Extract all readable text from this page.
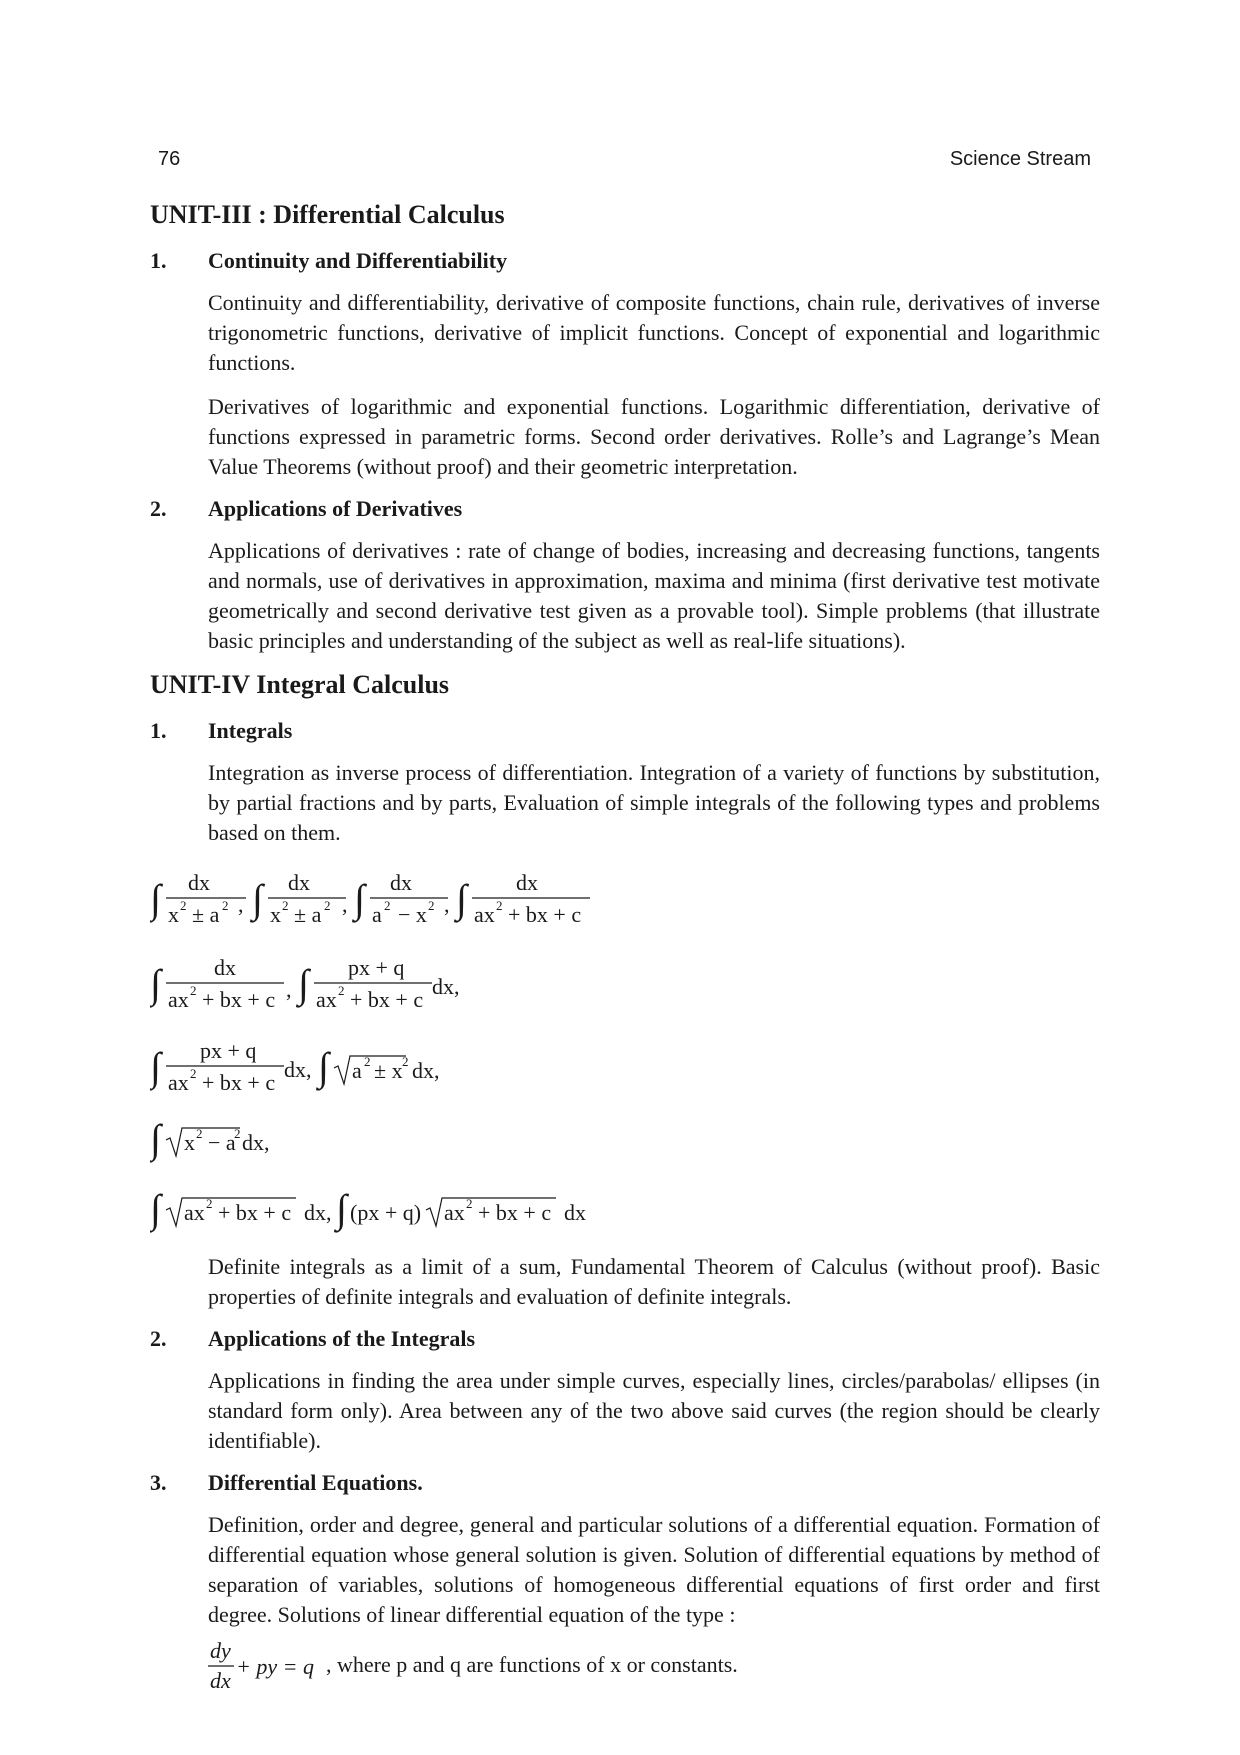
76	Science Stream
UNIT-III : Differential Calculus
1.	Continuity and Differentiability

Continuity and differentiability, derivative of composite functions, chain rule, derivatives of inverse trigonometric functions, derivative of implicit functions. Concept of exponential and logarithmic functions.

Derivatives of logarithmic and exponential functions. Logarithmic differentiation, derivative of functions expressed in parametric forms. Second order derivatives. Rolle’s and Lagrange’s Mean Value Theorems (without proof) and their geometric interpretation.

2.	Applications of Derivatives

Applications of derivatives : rate of change of bodies, increasing and decreasing functions, tangents and normals, use of derivatives in approximation, maxima and minima (first derivative test motivate geometrically and second derivative test given as a provable tool). Simple problems (that illustrate basic principles and understanding of the subject as well as real-life situations).

UNIT-IV Integral Calculus
1.	Integrals

Integration as inverse process of differentiation. Integration of a variety of functions by substitution, by partial fractions and by parts, Evaluation of simple integrals of the following types and problems based on them.

∫ dx
x 2 ± a 2 , ∫ dx
x 2 ± a 2 , ∫ dx
a 2 − x 2 , ∫ dx
ax 2 + bx + c
∫ dx
ax 2 + bx + c , ∫ px + q
ax 2 + bx + c
dx,
∫ px + q
ax 2 + bx + c
dx, ∫ a 2 ± x 2 dx,
∫ x 2 − a
2 dx,
∫ ax 2 + bx + c dx, ∫ (px + q) ax 2 + bx + c dx

Definite integrals as a limit of a sum, Fundamental Theorem of Calculus (without proof). Basic properties of definite integrals and evaluation of definite integrals.

2.	Applications of the Integrals

Applications in finding the area under simple curves, especially lines, circles/parabolas/ ellipses (in standard form only). Area between any of the two above said curves (the region should be clearly identifiable).

3.	Differential Equations.

Definition, order and degree, general and particular solutions of a differential equation. Formation of differential equation whose general solution is given. Solution of differential equations by method of separation of variables, solutions of homogeneous differential equations of first order and first degree. Solutions of linear differential equation of the type :

dy
dx
+ py = q , where p and q are functions of x or constants.
